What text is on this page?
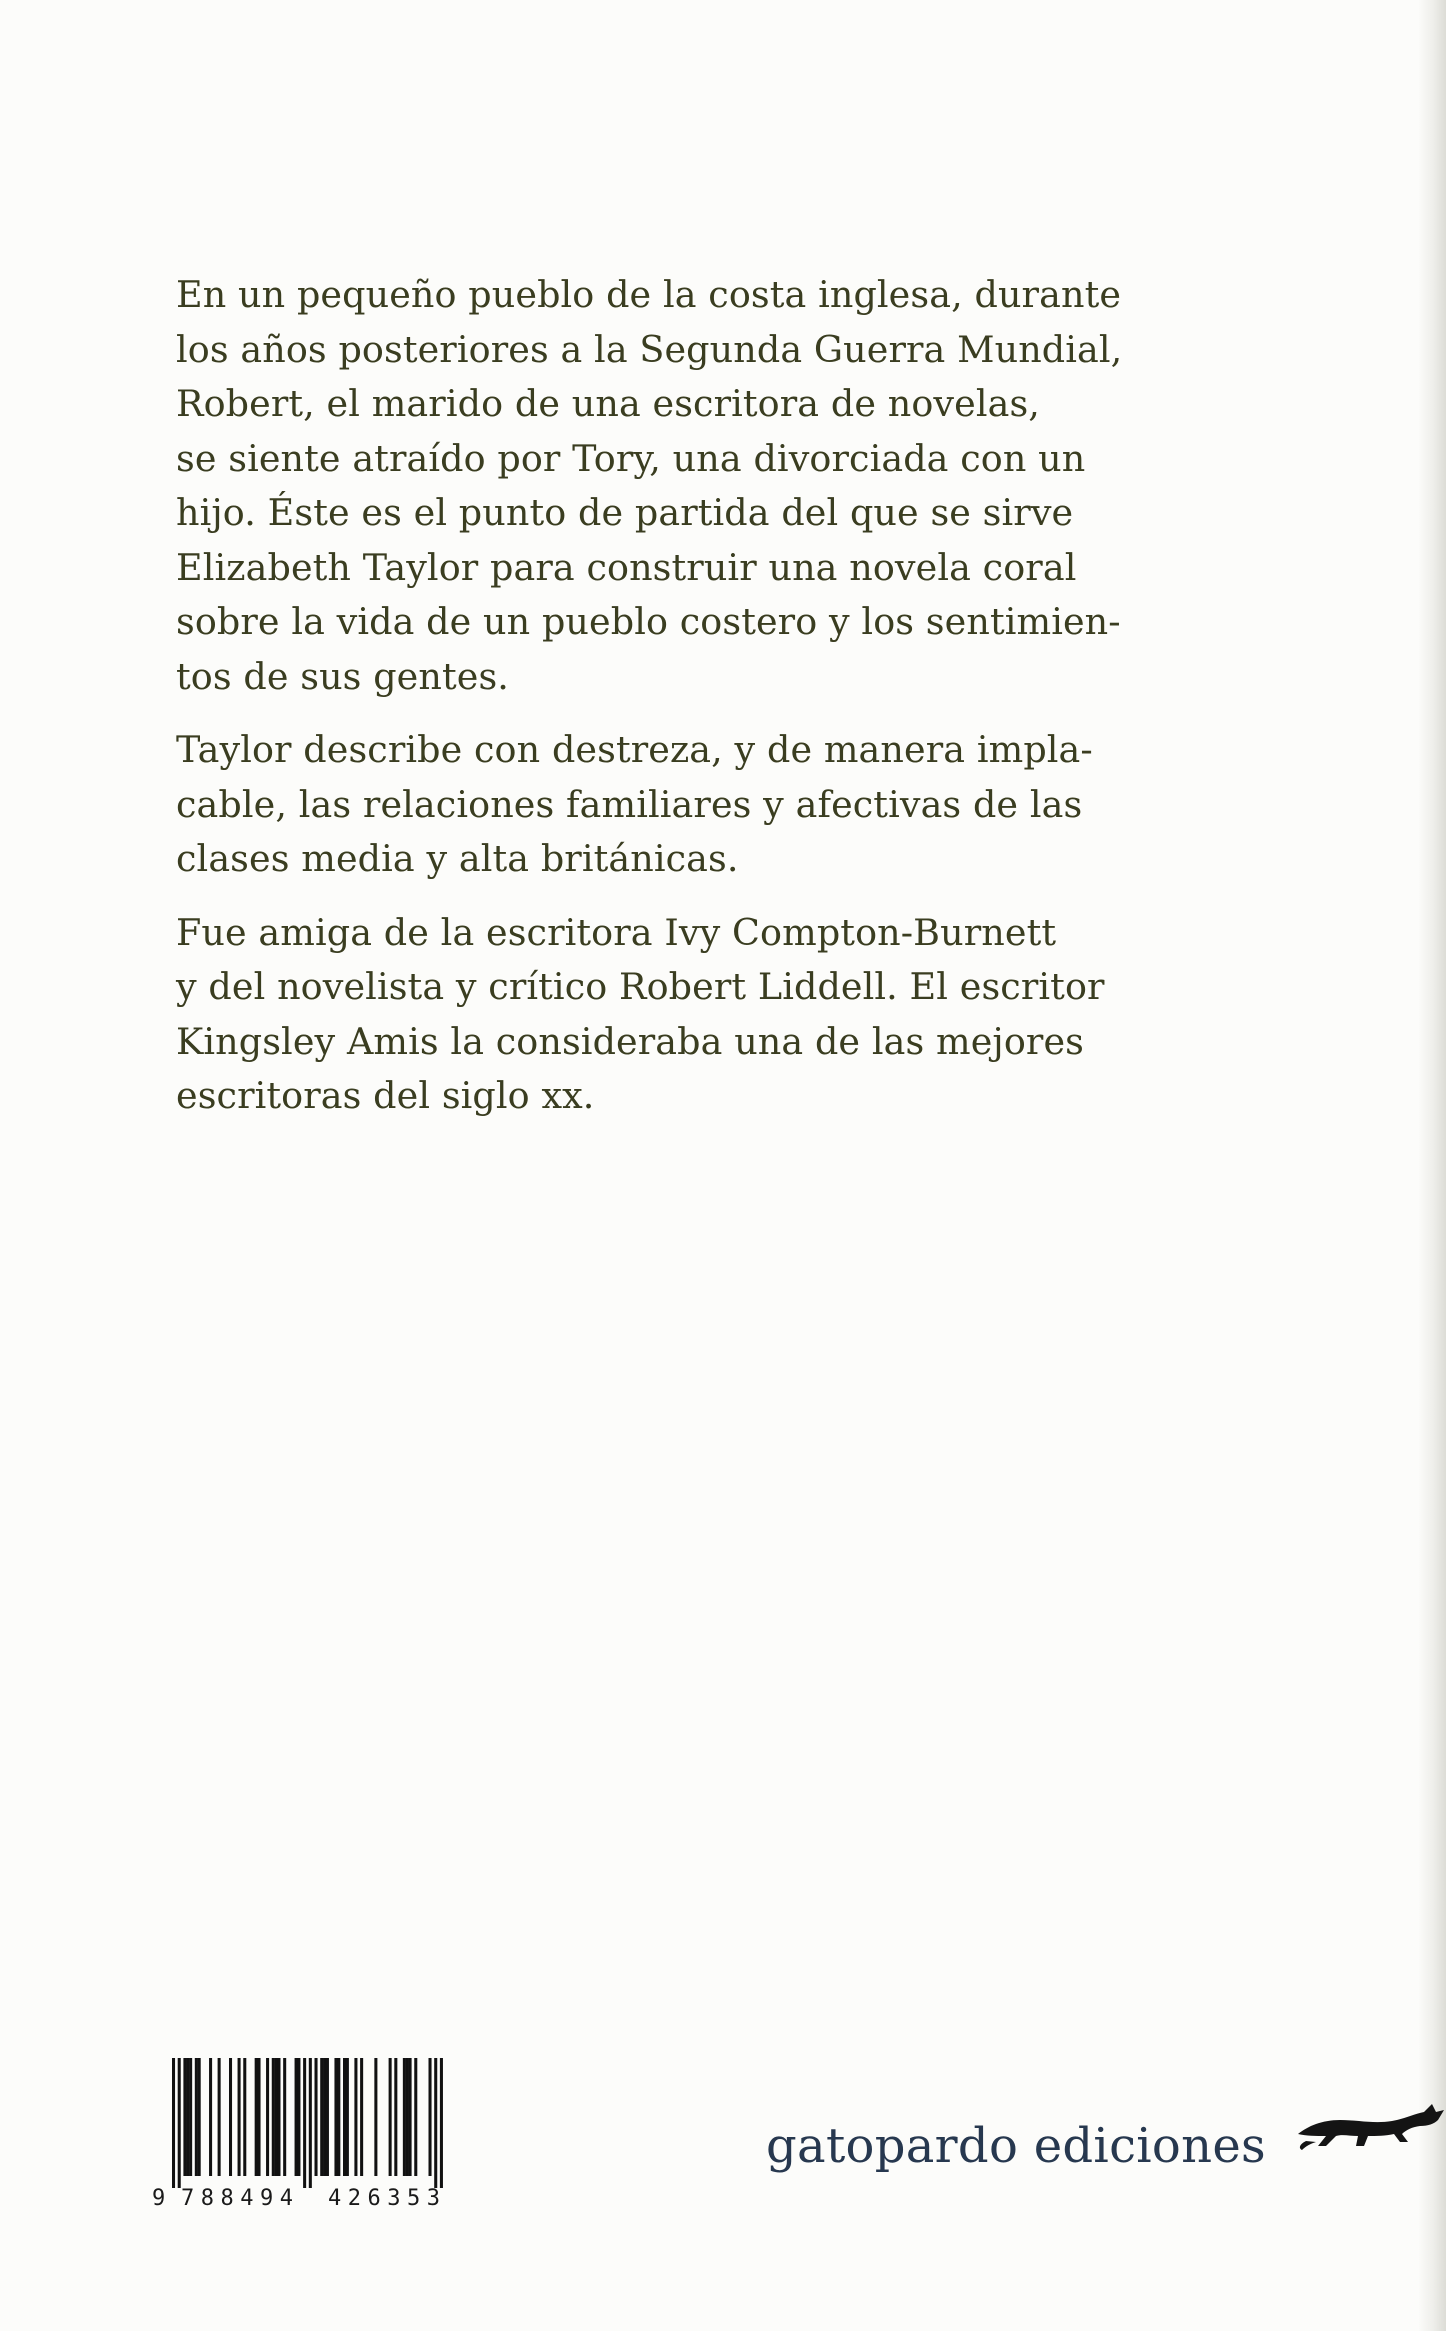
En un pequeño pueblo de la costa inglesa, durante
los años posteriores a la Segunda Guerra Mundial,
Robert, el marido de una escritora de novelas,
se siente atraído por Tory, una divorciada con un
hijo. Éste es el punto de partida del que se sirve
Elizabeth Taylor para construir una novela coral
sobre la vida de un pueblo costero y los sentimien-
tos de sus gentes.

Taylor describe con destreza, y de manera impla-
cable, las relaciones familiares y afectivas de las
clases media y alta británicas.

Fue amiga de la escritora Ivy Compton-Burnett
y del novelista y crítico Robert Liddell. El escritor
Kingsley Amis la consideraba una de las mejores
escritoras del siglo xx.

9 788494 426353
gatopardo ediciones
